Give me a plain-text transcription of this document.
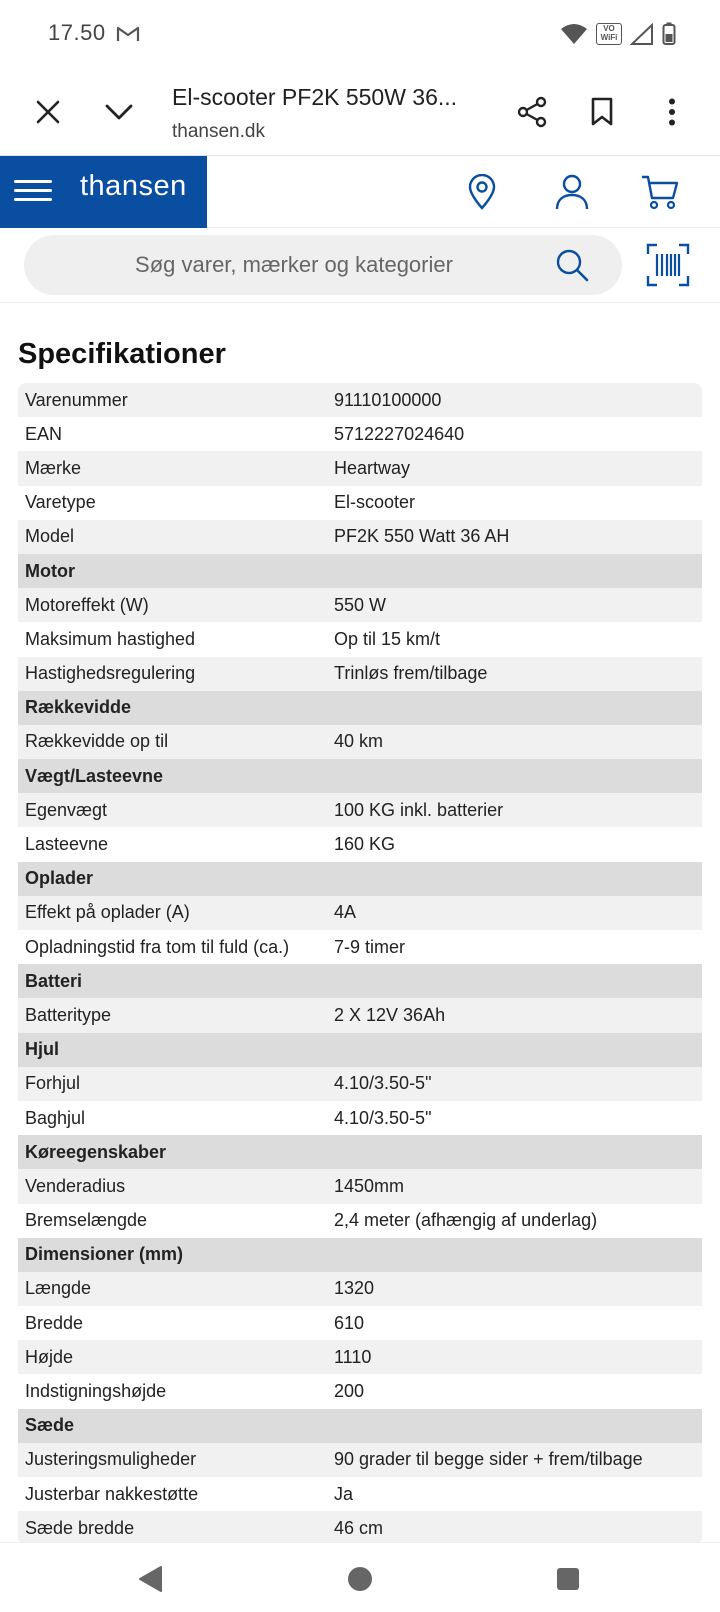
17.50	VO
WiFi
El-scooter PF2K 550W 36...
thansen.dk
thansen
Søg varer, mærker og kategorier
Specifikationer
Varenummer	91110100000
EAN	5712227024640
Mærke	Heartway
Varetype	El-scooter
Model	PF2K 550 Watt 36 AH
Motor
Motoreffekt (W)	550 W
Maksimum hastighed	Op til 15 km/t
Hastighedsregulering	Trinløs frem/tilbage
Rækkevidde
Rækkevidde op til	40 km
Vægt/Lasteevne
Egenvægt	100 KG inkl. batterier
Lasteevne	160 KG
Oplader
Effekt på oplader (A)	4A
Opladningstid fra tom til fuld (ca.)	7-9 timer
Batteri
Batteritype	2 X 12V 36Ah
Hjul
Forhjul	4.10/3.50-5"
Baghjul	4.10/3.50-5"
Køreegenskaber
Venderadius	1450mm
Bremselængde	2,4 meter (afhængig af underlag)
Dimensioner (mm)
Længde	1320
Bredde	610
Højde	1110
Indstigningshøjde	200
Sæde
Justeringsmuligheder	90 grader til begge sider + frem/tilbage
Justerbar nakkestøtte	Ja
Sæde bredde	46 cm
